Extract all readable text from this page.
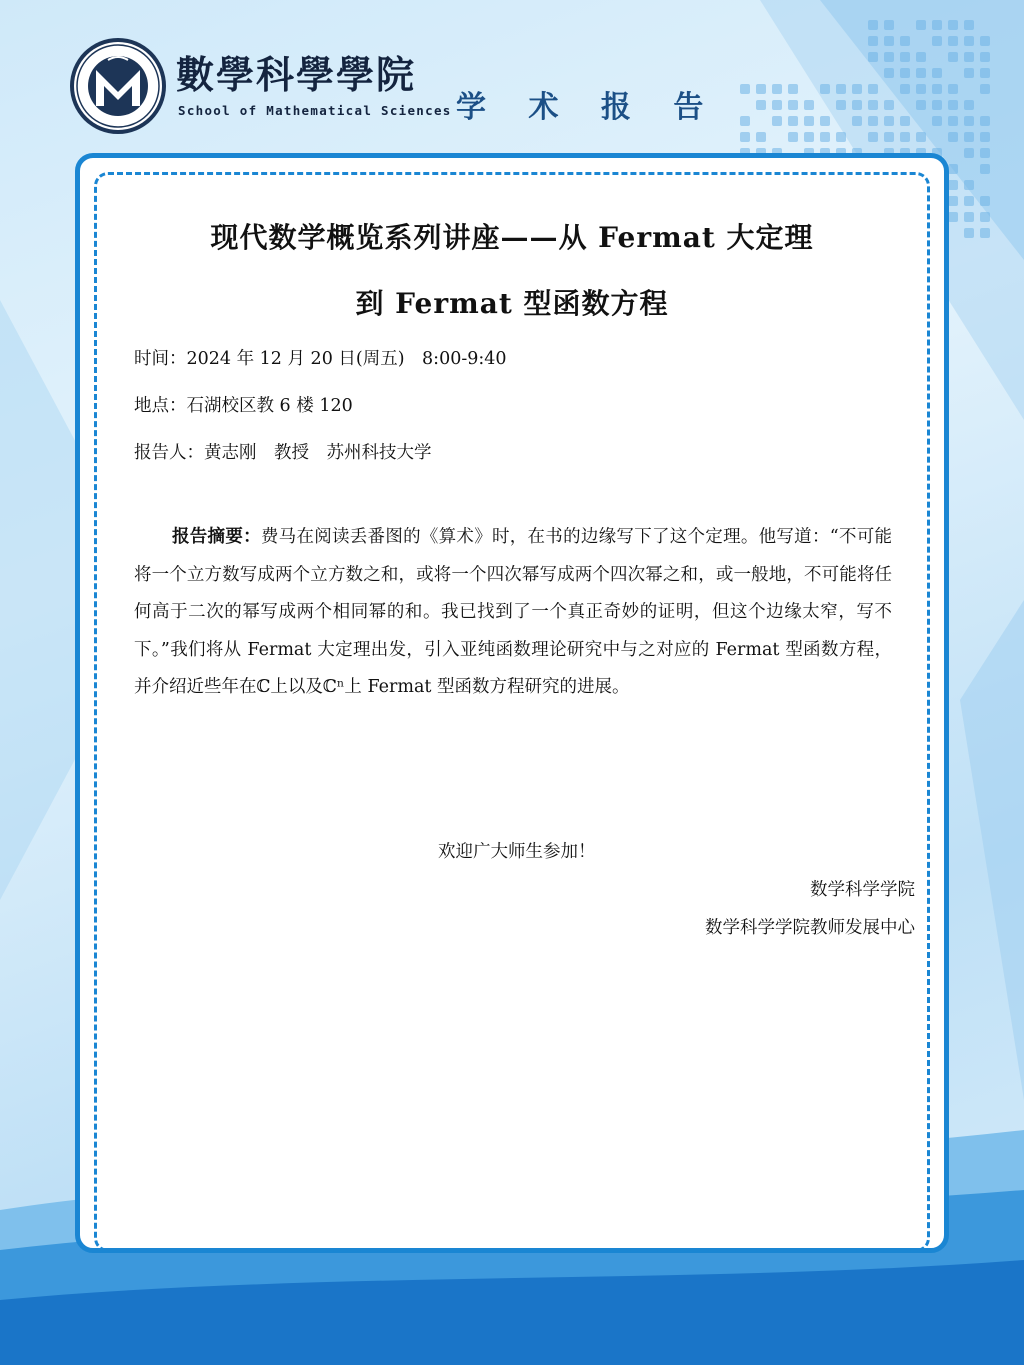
數學科學學院
School of Mathematical Sciences 学 术 报 告
现代数学概览系列讲座——从 Fermat 大定理
到 Fermat 型函数方程
时间：2024 年 12 月 20 日(周五)　8:00-9:40
地点：石湖校区教 6 楼 120
报告人：黄志刚　教授　苏州科技大学
报告摘要：费马在阅读丢番图的《算术》时，在书的边缘写下了这个定理。他写道：“不可能将一个立方数写成两个立方数之和，或将一个四次幂写成两个四次幂之和，或一般地，不可能将任何高于二次的幂写成两个相同幂的和。我已找到了一个真正奇妙的证明，但这个边缘太窄，写不下。”我们将从 Fermat 大定理出发，引入亚纯函数理论研究中与之对应的 Fermat 型函数方程，并介绍近些年在ℂ上以及ℂⁿ上 Fermat 型函数方程研究的进展。
欢迎广大师生参加！
数学科学学院
数学科学学院教师发展中心
